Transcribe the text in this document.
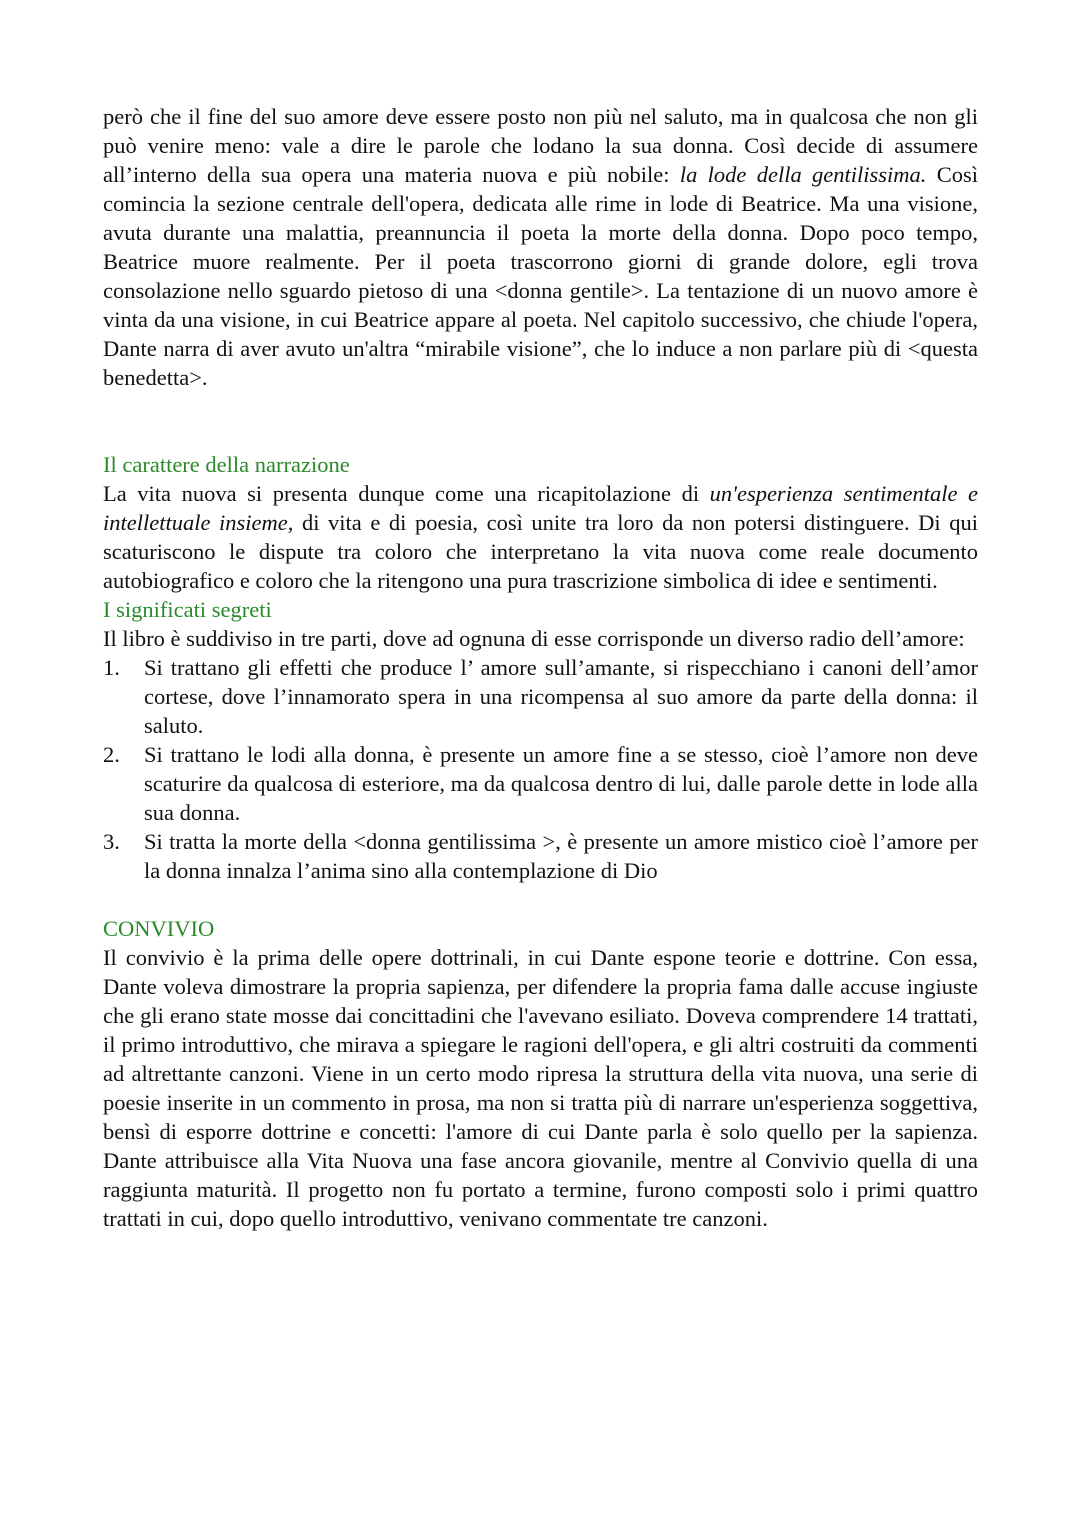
però che il fine del suo amore deve essere posto non più nel saluto, ma in qualcosa che non gli può venire meno: vale a dire le parole che lodano la sua donna. Così decide di assumere all’interno della sua opera una materia nuova e più nobile: la lode della gentilissima. Così comincia la sezione centrale dell'opera, dedicata alle rime in lode di Beatrice. Ma una visione, avuta durante una malattia, preannuncia il poeta la morte della donna. Dopo poco tempo, Beatrice muore realmente. Per il poeta trascorrono giorni di grande dolore, egli trova consolazione nello sguardo pietoso di una <donna gentile>. La tentazione di un nuovo amore è vinta da una visione, in cui Beatrice appare al poeta. Nel capitolo successivo, che chiude l'opera, Dante narra di aver avuto un'altra “mirabile visione”, che lo induce a non parlare più di <questa benedetta>.

Il carattere della narrazione

La vita nuova si presenta dunque come una ricapitolazione di un'esperienza sentimentale e intellettuale insieme, di vita e di poesia, così unite tra loro da non potersi distinguere. Di qui scaturiscono le dispute tra coloro che interpretano la vita nuova come reale documento autobiografico e coloro che la ritengono una pura trascrizione simbolica di idee e sentimenti.

I significati segreti

Il libro è suddiviso in tre parti, dove ad ognuna di esse corrisponde un diverso radio dell’amore:

1. Si trattano gli effetti che produce l’ amore sull’amante, si rispecchiano i canoni dell’amor cortese, dove l’innamorato spera in una ricompensa al suo amore da parte della donna: il saluto.
2. Si trattano le lodi alla donna, è presente un amore fine a se stesso, cioè l’amore non deve scaturire da qualcosa di esteriore, ma da qualcosa dentro di lui, dalle parole dette in lode alla sua donna.
3. Si tratta la morte della <donna gentilissima >, è presente un amore mistico cioè l’amore per la donna innalza l’anima sino alla contemplazione di Dio
CONVIVIO

Il convivio è la prima delle opere dottrinali, in cui Dante espone teorie e dottrine. Con essa, Dante voleva dimostrare la propria sapienza, per difendere la propria fama dalle accuse ingiuste che gli erano state mosse dai concittadini che l'avevano esiliato. Doveva comprendere 14 trattati, il primo introduttivo, che mirava a spiegare le ragioni dell'opera, e gli altri costruiti da commenti ad altrettante canzoni. Viene in un certo modo ripresa la struttura della vita nuova, una serie di poesie inserite in un commento in prosa, ma non si tratta più di narrare un'esperienza soggettiva, bensì di esporre dottrine e concetti: l'amore di cui Dante parla è solo quello per la sapienza. Dante attribuisce alla Vita Nuova una fase ancora giovanile, mentre al Convivio quella di una raggiunta maturità. Il progetto non fu portato a termine, furono composti solo i primi quattro trattati in cui, dopo quello introduttivo, venivano commentate tre canzoni.
